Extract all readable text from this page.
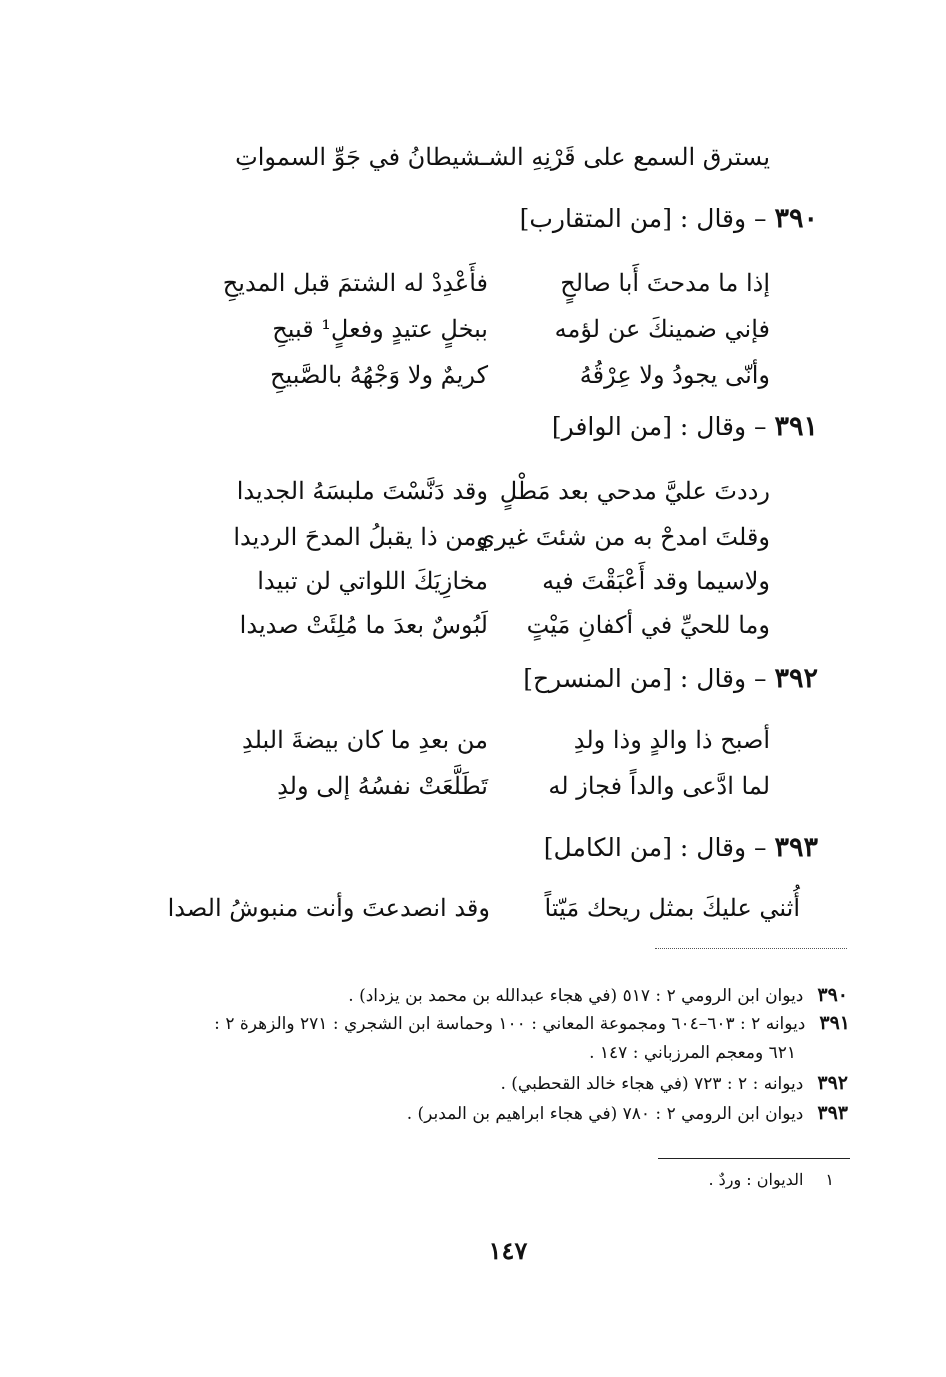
يسترق السمع على قَرْنِهِ الشـ
ـشيطانُ في جَوِّ السمواتِ
٣٩٠ – وقال : [من المتقارب]
إذا ما مدحتَ أَبا صالحٍ
فأَعْدِدْ له الشتمَ قبل المديحِ
فإني ضمينكَ عن لؤمه
ببخلٍ عتيدٍ وفعلٍ¹ قبيحِ
وأنّى يجودُ ولا عِرْقُهُ
كريمٌ ولا وَجْهُهُ بالصَّبيحِ
٣٩١ – وقال : [من الوافر]
رددتَ عليَّ مدحي بعد مَطْلٍ
وقد دَنَّسْتَ ملبسَهُ الجديدا
وقلتَ امدحْ به من شئتَ غيري
ومن ذا يقبلُ المدحَ الرديدا
ولاسيما وقد أَعْبَقْتَ فيه
مخازِيَكَ اللواتي لن تبيدا
وما للحيِّ في أكفانِ مَيْتٍ
لَبُوسٌ بعدَ ما مُلِئَتْ صديدا
٣٩٢ – وقال : [من المنسرح]
أصبح ذا والدٍ وذا ولدِ
من بعدِ ما كان بيضةَ البلدِ
لما ادَّعى والداً فجاز له
تَطَلَّعَتْ نفسُهُ إلى ولدِ
٣٩٣ – وقال : [من الكامل]
أُثني عليكَ بمثل ريحك مَيّتاً
وقد انصدعتَ وأنت منبوشُ الصدا
٣٩٠ديوان ابن الرومي ٢ : ٥١٧ (في هجاء عبدالله بن محمد بن يزداد) .
٣٩١ديوانه ٢ : ٦٠٣–٦٠٤ ومجموعة المعاني : ١٠٠ وحماسة ابن الشجري : ٢٧١ والزهرة ٢ :
٦٢١ ومعجم المرزباني : ١٤٧ .
٣٩٢ديوانه : ٢ : ٧٢٣ (في هجاء خالد القحطبي) .
٣٩٣ديوان ابن الرومي ٢ : ٧٨٠ (في هجاء ابراهيم بن المدبر) .
١الديوان : وردٌ .
١٤٧
